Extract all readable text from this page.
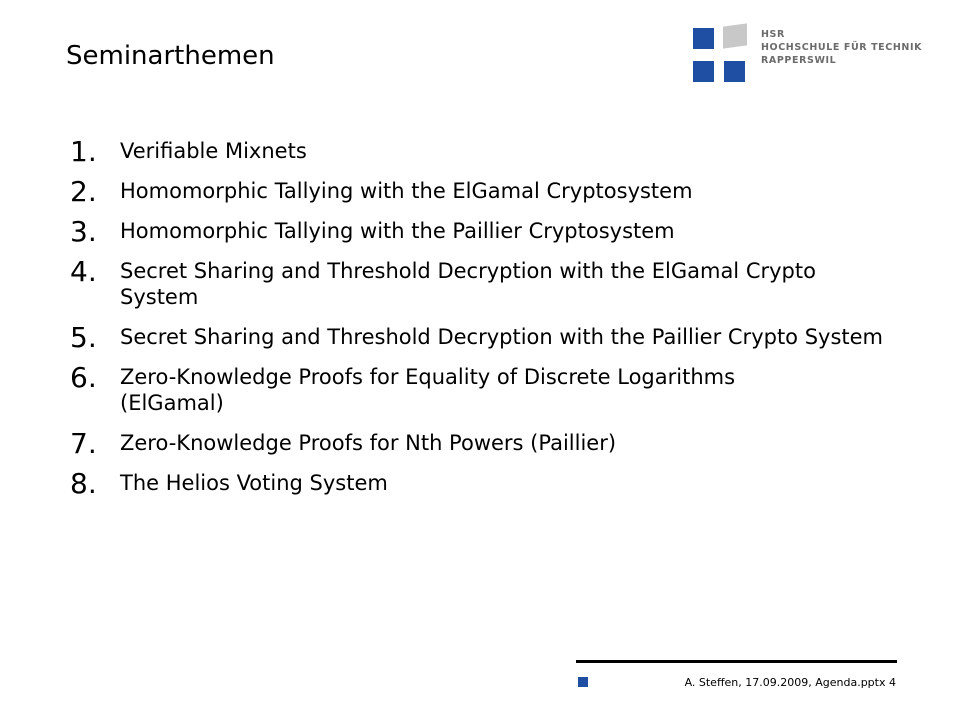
Seminarthemen
HSR
HOCHSCHULE FÜR TECHNIK
RAPPERSWIL
1.	Verifiable Mixnets
2.	Homomorphic Tallying with the ElGamal Cryptosystem
3.	Homomorphic Tallying with the Paillier Cryptosystem
4.	Secret Sharing and Threshold Decryption with the ElGamal Crypto System
5.	Secret Sharing and Threshold Decryption with the Paillier Crypto System
6.	Zero-Knowledge Proofs for Equality of Discrete Logarithms (ElGamal)
7.	Zero-Knowledge Proofs for Nth Powers (Paillier)
8.	The Helios Voting System
A. Steffen, 17.09.2009, Agenda.pptx 4
